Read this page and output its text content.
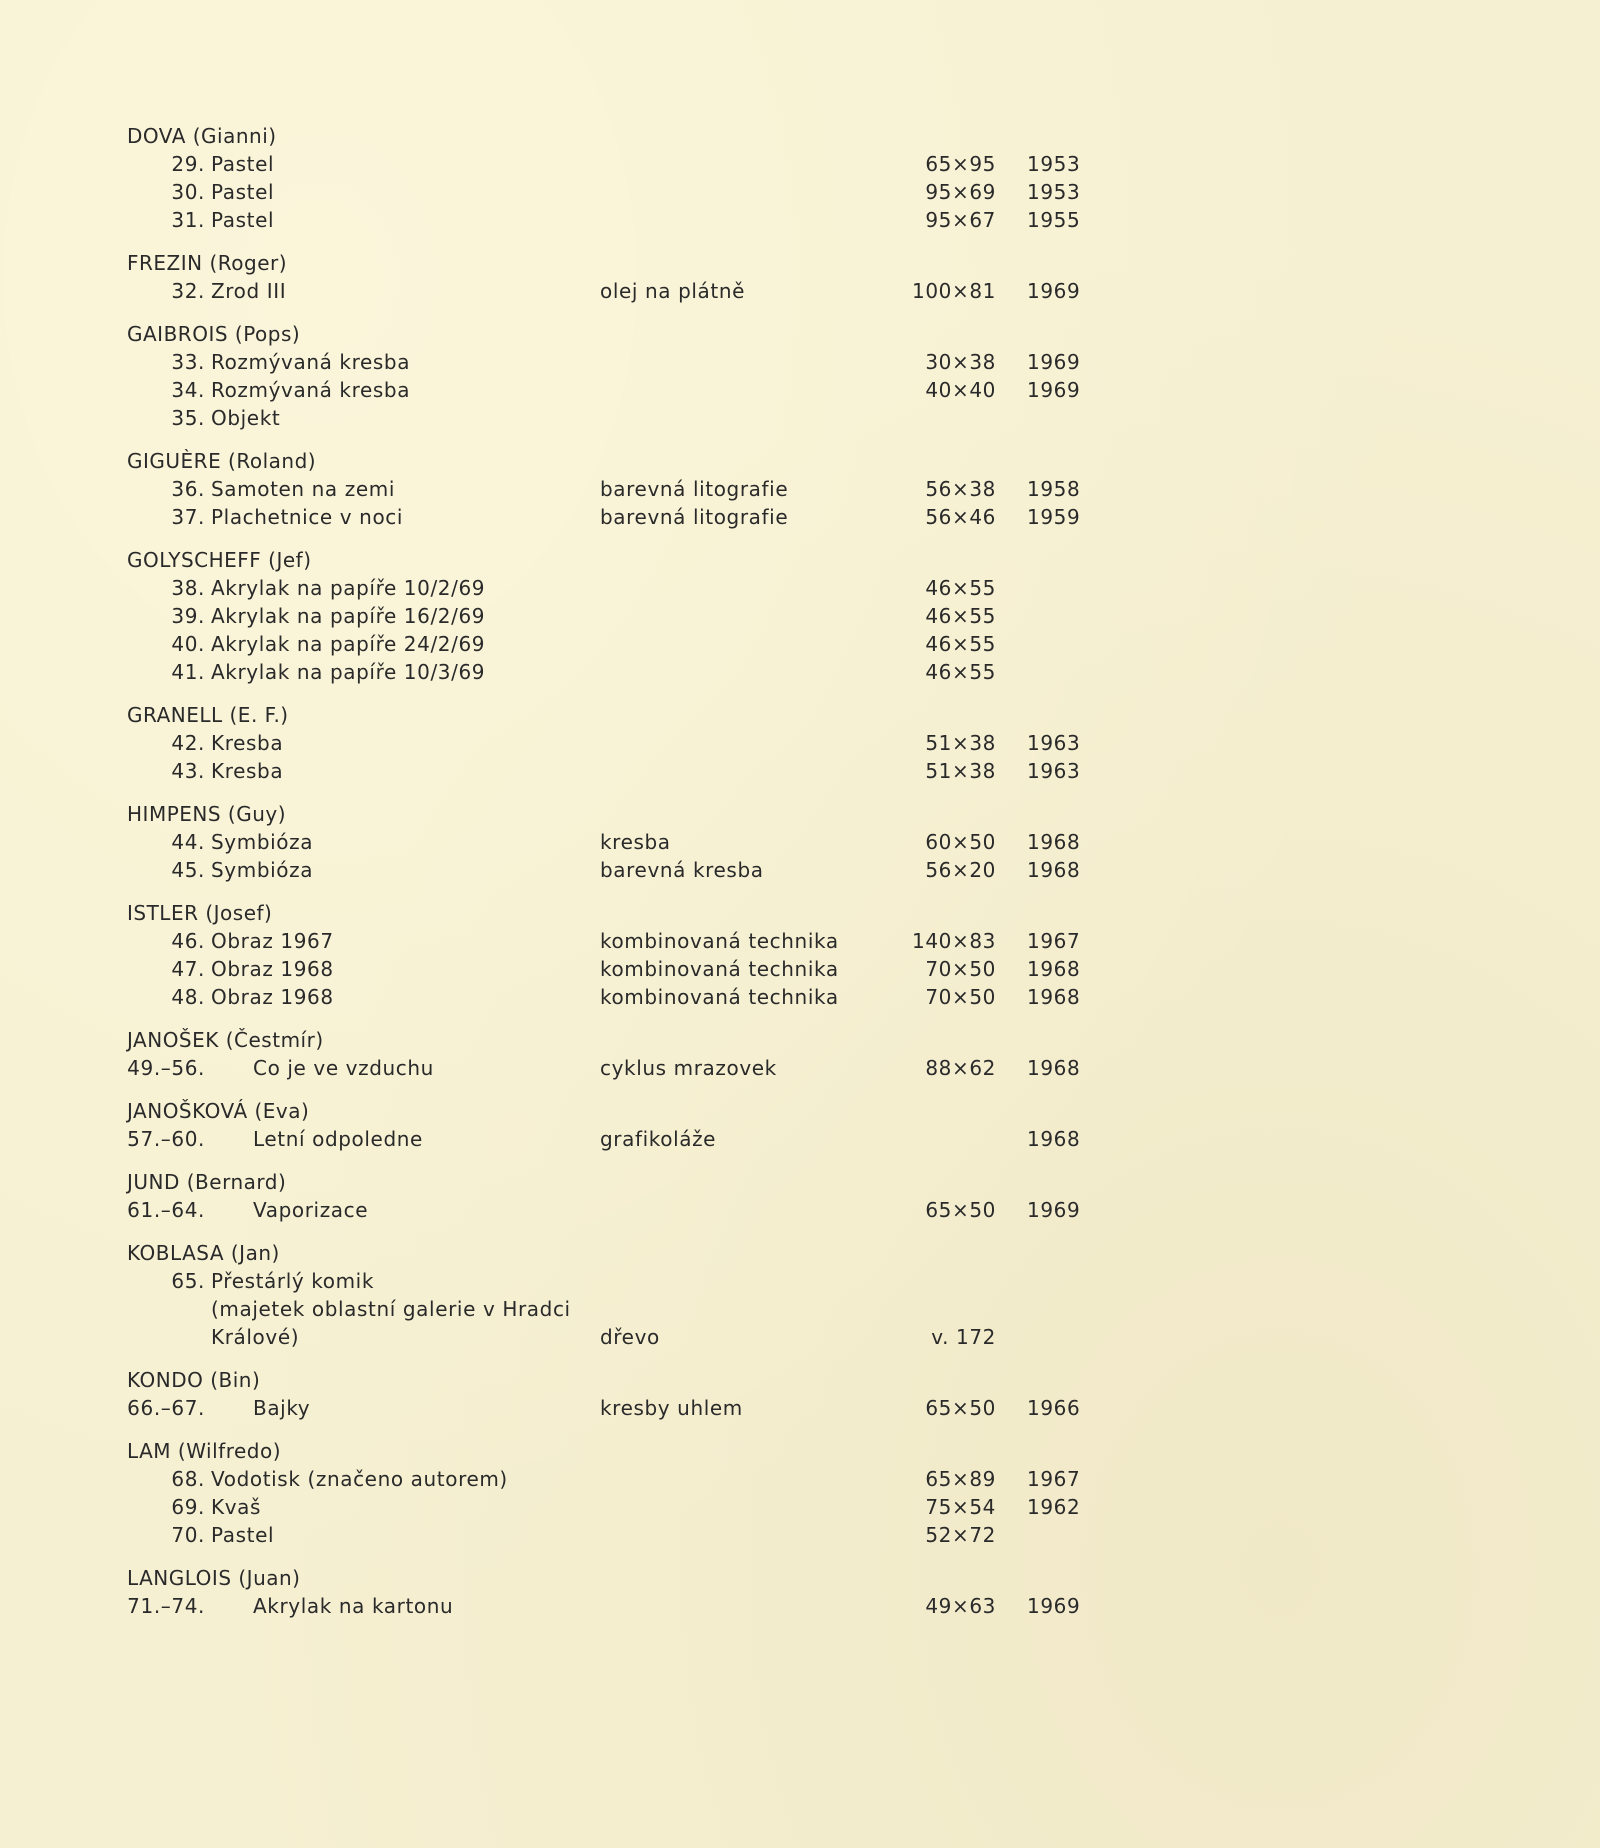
DOVA (Gianni)
29. Pastel	65×95 1953
30. Pastel	95×69 1953
31. Pastel	95×67 1955
FREZIN (Roger)
32. Zrod III	olej na plátně	100×81 1969
GAIBROIS (Pops)
33. Rozmývaná kresba	30×38 1969
34. Rozmývaná kresba	40×40 1969
35. Objekt
GIGUÈRE (Roland)
36. Samoten na zemi	barevná litografie	56×38 1958
37. Plachetnice v noci	barevná litografie	56×46 1959
GOLYSCHEFF (Jef)
38. Akrylak na papíře 10/2/69	46×55
39. Akrylak na papíře 16/2/69	46×55
40. Akrylak na papíře 24/2/69	46×55
41. Akrylak na papíře 10/3/69	46×55
GRANELL (E. F.)
42. Kresba	51×38 1963
43. Kresba	51×38 1963
HIMPENS (Guy)
44. Symbióza	kresba	60×50 1968
45. Symbióza	barevná kresba	56×20 1968
ISTLER (Josef)
46. Obraz 1967	kombinovaná technika	140×83 1967
47. Obraz 1968	kombinovaná technika	70×50 1968
48. Obraz 1968	kombinovaná technika	70×50 1968
JANOŠEK (Čestmír)
49.–56. Co je ve vzduchu	cyklus mrazovek	88×62 1968
JANOŠKOVÁ (Eva)
57.–60. Letní odpoledne	grafikoláže	1968
JUND (Bernard)
61.–64. Vaporizace	65×50 1969
KOBLASA (Jan)
65. Přestárlý komik
(majetek oblastní galerie v Hradci
Králové)	dřevo	v. 172
KONDO (Bin)
66.–67. Bajky	kresby uhlem	65×50 1966
LAM (Wilfredo)
68. Vodotisk (značeno autorem)	65×89 1967
69. Kvaš	75×54 1962
70. Pastel	52×72
LANGLOIS (Juan)
71.–74. Akrylak na kartonu	49×63 1969
